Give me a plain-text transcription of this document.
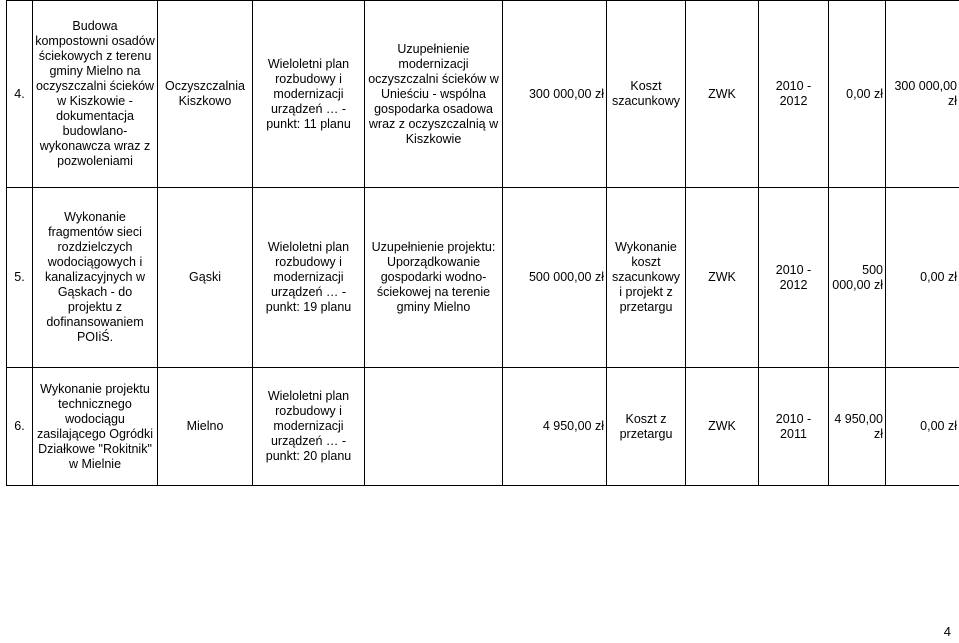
4.	Budowa kompostowni osadów ściekowych z terenu gminy Mielno na oczyszczalni ścieków w Kiszkowie - dokumentacja budowlano-wykonawcza wraz z pozwoleniami	Oczyszczalnia Kiszkowo	Wieloletni plan rozbudowy i modernizacji urządzeń … - punkt: 11 planu	Uzupełnienie modernizacji oczyszczalni ścieków w Unieściu - wspólna gospodarka osadowa wraz z oczyszczalnią w Kiszkowie	300 000,00 zł	Koszt szacunkowy	ZWK	2010 - 2012	0,00 zł	300 000,00 zł
5.	Wykonanie fragmentów sieci rozdzielczych wodociągowych i kanalizacyjnych w Gąskach - do projektu z dofinansowaniem POIiŚ.	Gąski	Wieloletni plan rozbudowy i modernizacji urządzeń … - punkt: 19 planu	Uzupełnienie projektu: Uporządkowanie gospodarki wodno-ściekowej na terenie gminy Mielno	500 000,00 zł	Wykonanie koszt szacunkowy i projekt z przetargu	ZWK	2010 - 2012	500 000,00 zł	0,00 zł
6.	Wykonanie projektu technicznego wodociągu zasilającego Ogródki Działkowe "Rokitnik" w Mielnie	Mielno	Wieloletni plan rozbudowy i modernizacji urządzeń … - punkt: 20 planu		4 950,00 zł	Koszt z przetargu	ZWK	2010 - 2011	4 950,00 zł	0,00 zł
4
